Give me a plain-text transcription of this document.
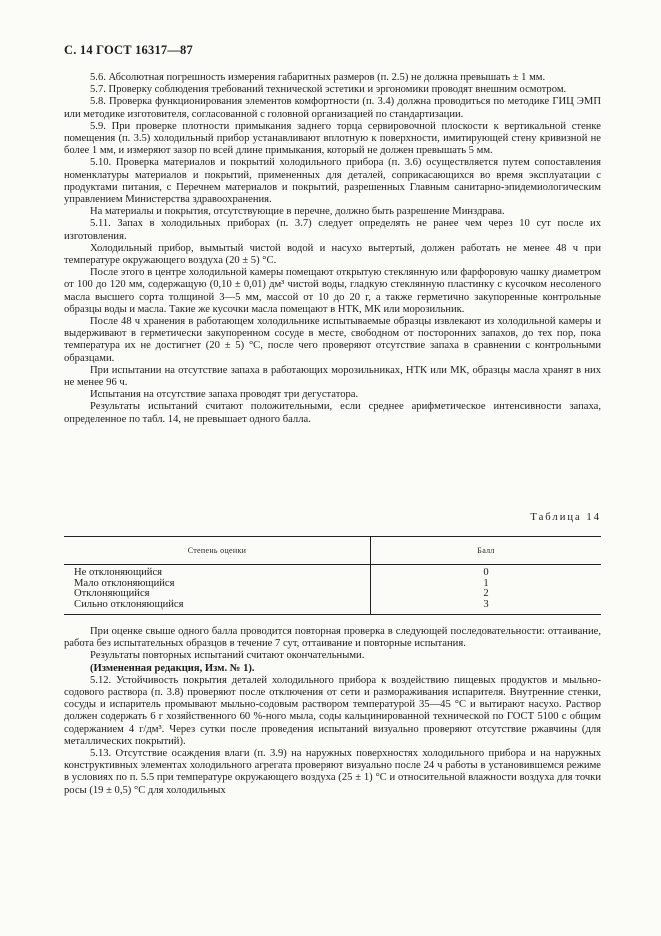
С. 14 ГОСТ 16317—87

5.6. Абсолютная погрешность измерения габаритных размеров (п. 2.5) не должна превышать ± 1 мм.

5.7. Проверку соблюдения требований технической эстетики и эргономики проводят внешним осмотром.

5.8. Проверка функционирования элементов комфортности (п. 3.4) должна проводиться по методике ГИЦ ЭМП или методике изготовителя, согласованной с головной организацией по стандартизации.

5.9. При проверке плотности примыкания заднего торца сервировочной плоскости к вертикальной стенке помещения (п. 3.5) холодильный прибор устанавливают вплотную к поверхности, имитирующей стену кривизной не более 1 мм, и измеряют зазор по всей длине примыкания, который не должен превышать 5 мм.

5.10. Проверка материалов и покрытий холодильного прибора (п. 3.6) осуществляется путем сопоставления номенклатуры материалов и покрытий, примененных для деталей, соприкасающихся во время эксплуатации с продуктами питания, с Перечнем материалов и покрытий, разрешенных Главным санитарно-эпидемиологическим управлением Министерства здравоохранения.

На материалы и покрытия, отсутствующие в перечне, должно быть разрешение Минздрава.

5.11. Запах в холодильных приборах (п. 3.7) следует определять не ранее чем через 10 сут после их изготовления.

Холодильный прибор, вымытый чистой водой и насухо вытертый, должен работать не менее 48 ч при температуре окружающего воздуха (20 ± 5) °С.

После этого в центре холодильной камеры помещают открытую стеклянную или фарфоровую чашку диаметром от 100 до 120 мм, содержащую (0,10 ± 0,01) дм³ чистой воды, гладкую стеклянную пластинку с кусочком несоленого масла высшего сорта толщиной 3—5 мм, массой от 10 до 20 г, а также герметично закупоренные контрольные образцы воды и масла. Такие же кусочки масла помещают в НТК, МК или морозильник.

После 48 ч хранения в работающем холодильнике испытываемые образцы извлекают из холодильной камеры и выдерживают в герметически закупоренном сосуде в месте, свободном от посторонних запахов, до тех пор, пока температура их не достигнет (20 ± 5) °С, после чего проверяют отсутствие запаха в сравнении с контрольными образцами.

При испытании на отсутствие запаха в работающих морозильниках, НТК или МК, образцы масла хранят в них не менее 96 ч.

Испытания на отсутствие запаха проводят три дегустатора.

Результаты испытаний считают положительными, если среднее арифметическое интенсивности запаха, определенное по табл. 14, не превышает одного балла.

Таблица 14
Степень оценки	Балл
Не отклоняющийся	0
Мало отклоняющийся	1
Отклоняющийся	2
Сильно отклоняющийся	3

При оценке свыше одного балла проводится повторная проверка в следующей последовательности: оттаивание, работа без испытательных образцов в течение 7 сут, оттаивание и повторные испытания.

Результаты повторных испытаний считают окончательными.

(Измененная редакция, Изм. № 1).

5.12. Устойчивость покрытия деталей холодильного прибора к воздействию пищевых продуктов и мыльно-содового раствора (п. 3.8) проверяют после отключения от сети и размораживания испарителя. Внутренние стенки, сосуды и испаритель промывают мыльно-содовым раствором температурой 35—45 °С и вытирают насухо. Раствор должен содержать 6 г хозяйственного 60 %-ного мыла, соды кальцинированной технической по ГОСТ 5100 с общим содержанием 4 г/дм³. Через сутки после проведения испытаний визуально проверяют отсутствие ржавчины (для металлических покрытий).

5.13. Отсутствие осаждения влаги (п. 3.9) на наружных поверхностях холодильного прибора и на наружных конструктивных элементах холодильного агрегата проверяют визуально после 24 ч работы в установившемся режиме в условиях по п. 5.5 при температуре окружающего воздуха (25 ± 1) °С и относительной влажности воздуха для точки росы (19 ± 0,5) °С для холодильных
